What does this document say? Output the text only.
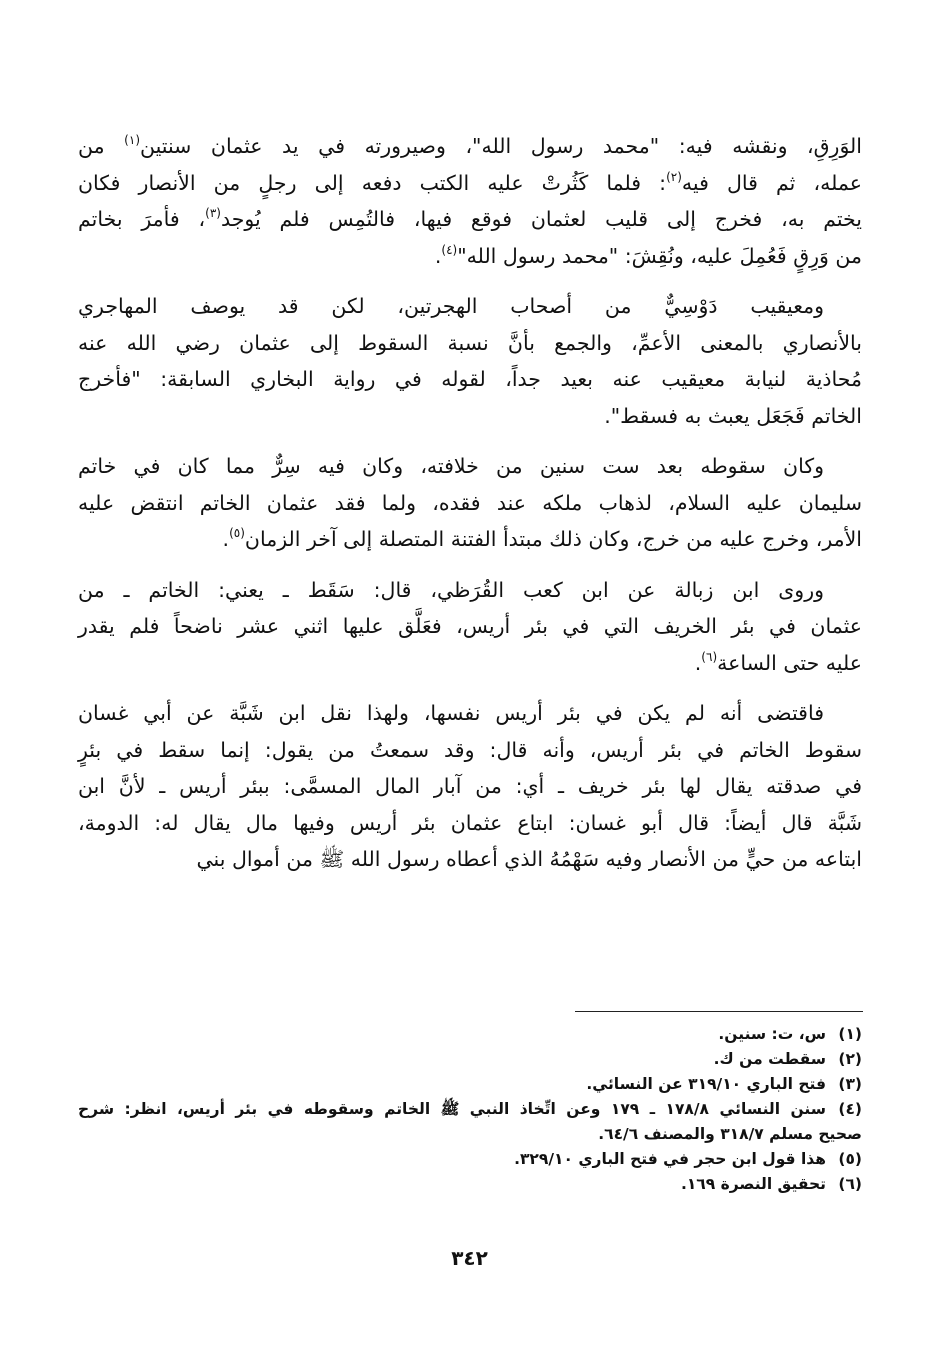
الوَرِقِ، ونقشه فيه: "محمد رسول الله"، وصيرورته في يد عثمان سنتين$^{(١)}$ من
عمله، ثم قال فيه$^{(٢)}$: فلما كَثُرتْ عليه الكتب دفعه إلى رجلٍ من الأنصار فكان
يختم به، فخرج إلى قليب لعثمان فوقع فيها، فالتُمِس فلم يُوجد$^{(٣)}$، فأمرَ بخاتم
من وَرِقٍ فَعُمِلَ عليه، ونُقِشَ: "محمد رسول الله"$^{(٤)}$.
ومعيقيب دَوْسِيٌّ من أصحاب الهجرتين، لكن قد يوصف المهاجري
بالأنصاري بالمعنى الأعمِّ، والجمع بأنَّ نسبة السقوط إلى عثمان رضي الله عنه
مُحاذية لنيابة معيقيب عنه بعيد جداً، لقوله في رواية البخاري السابقة: "فأخرج
الخاتم فَجَعَل يعبث به فسقط".
وكان سقوطه بعد ست سنين من خلافته، وكان فيه سِرٌّ مما كان في خاتم
سليمان عليه السلام، لذهاب ملكه عند فقده، ولما فقد عثمان الخاتم انتقض عليه
الأمر، وخرج عليه من خرج، وكان ذلك مبتدأ الفتنة المتصلة إلى آخر الزمان$^{(٥)}$.
وروى ابن زبالة عن ابن كعب القُرَظي، قال: سَقَط ـ يعني: الخاتم ـ من
عثمان في بئر الخريف التي في بئر أريس، فعَلَّق عليها اثني عشر ناضحاً فلم يقدر
عليه حتى الساعة$^{(٦)}$.
فاقتضى أنه لم يكن في بئر أريس نفسها، ولهذا نقل ابن شَبَّة عن أبي غسان
سقوط الخاتم في بئر أريس، وأنه قال: وقد سمعتُ من يقول: إنما سقط في بئرٍ
في صدقته يقال لها بئر خريف ـ أي: من آبار المال المسمَّى: ببئر أريس ـ لأنَّ ابن
شَبَّة قال أيضاً: قال أبو غسان: ابتاع عثمان بئر أريس وفيها مال يقال له: الدومة،
ابتاعه من حيٍّ من الأنصار وفيه سَهْمُهُ الذي أعطاه رسول الله ﷺ من أموال بني
(١)س، ت: سنين.
(٢)سقطت من ك.
(٣)فتح الباري ٣١٩/١٠ عن النسائي.
(٤)سنن النسائي ١٧٨/٨ ـ ١٧٩ وعن اتِّخاذ النبي ﷺ الخاتم وسقوطه في بئر أريس، انظر: شرح
صحيح مسلم ٣١٨/٧ والمصنف ٦٤/٦.
(٥)هذا قول ابن حجر في فتح الباري ٣٢٩/١٠.
(٦)تحقيق النصرة ١٦٩.
٣٤٢
